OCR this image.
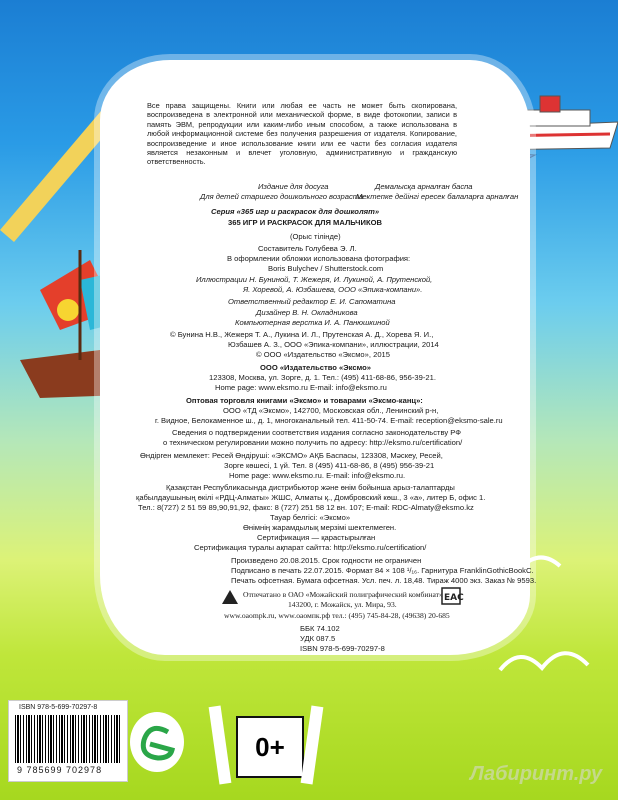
Все права защищены. Книги или любая ее часть не может быть скопирована, воспроизведена в электронной или механической форме, в виде фотокопии, записи в память ЭВМ, репродукции или каким-либо иным способом, а также использована в любой информационной системе без получения разрешения от издателя. Копирование, воспроизведение и иное использование книги или ее части без согласия издателя является незаконным и влечет уголовную, административную и гражданскую ответственность.
Издание для досуга	Демалысқа арналған баспа
Для детей старшего дошкольного возраста
Мектепке дейінгі ересек балаларға арналған
Серия «365 игр и раскрасок для дошколят»
365 ИГР И РАСКРАСОК ДЛЯ МАЛЬЧИКОВ
(Орыс тілінде)
Составитель Голубева Э. Л.
В оформлении обложки использована фотография:
Boris Bulychev / Shutterstock.com
Иллюстрации Н. Буниной, Т. Жежеря, И. Лукиной, А. Прутенской,
Я. Хоревой, А. Юзбашева, ООО «Эпика-компани».
Ответственный редактор Е. И. Сапоматина
Дизайнер В. Н. Окладникова
Компьютерная верстка И. А. Панюшкиной
© Бунина Н.В., Жежеря Т. А., Лукина И. Л., Прутенская А. Д., Хорева Я. И.,
Юзбашев А. З., ООО «Эпика-компани», иллюстрации, 2014
© ООО «Издательство «Эксмо», 2015
ООО «Издательство «Эксмо»
123308, Москва, ул. Зорге, д. 1. Тел.: (495) 411-68-86, 956-39-21.
Home page: www.eksmo.ru E-mail: info@eksmo.ru
Оптовая торговля книгами «Эксмо» и товарами «Эксмо-канц»:
ООО «ТД «Эксмо», 142700, Московская обл., Ленинский р-н,
г. Видное, Белокаменное ш., д. 1, многоканальный тел. 411-50-74. E-mail: reception@eksmo-sale.ru
Сведения о подтверждении соответствия издания согласно законодательству РФ
о техническом регулировании можно получить по адресу: http://eksmo.ru/certification/
Өндірген мемлекет: Ресей Өндіруші: «ЭКСМО» АҚБ Баспасы, 123308, Мәскеу, Ресей,
Зорге көшесі, 1 үй. Тел. 8 (495) 411-68-86, 8 (495) 956-39-21
Home page: www.eksmo.ru. E-mail: info@eksmo.ru.
Қазақстан Республикасында дистрибьютор және өнім бойынша арыз-талаптарды
қабылдаушының өкілі «РДЦ-Алматы» ЖШС, Алматы қ., Домбровский көш., 3 «а», литер Б, офис 1.
Тел.: 8(727) 2 51 59 89,90,91,92, факс: 8 (727) 251 58 12 вн. 107; E-mail: RDC-Almaty@eksmo.kz
Тауар белгісі: «Эксмо»
Өнімнің жарамдылық мерзімі шектелмеген.
Сертификация — қарастырылған
Сертификация туралы ақпарат сайтта: http://eksmo.ru/certification/
Произведено 20.08.2015. Срок годности не ограничен
Подписано в печать 22.07.2015. Формат 84 × 108 ¹/₁₆. Гарнитура FranklinGothicBookC.
Печать офсетная. Бумага офсетная. Усл. печ. л. 18,48. Тираж 4000 экз. Заказ № 9593.
Отпечатано в ОАО «Можайский полиграфический комбинат»
143200, г. Можайск, ул. Мира, 93.
www.oaompk.ru, www.оаомпк.рф тел.: (495) 745-84-28, (49638) 20-685
EAC
ББК 74.102
УДК 087.5
ISBN 978-5-699-70297-8
ISBN 978-5-699-70297-8
9 785699 702978
0+
Лабиринт.ру
